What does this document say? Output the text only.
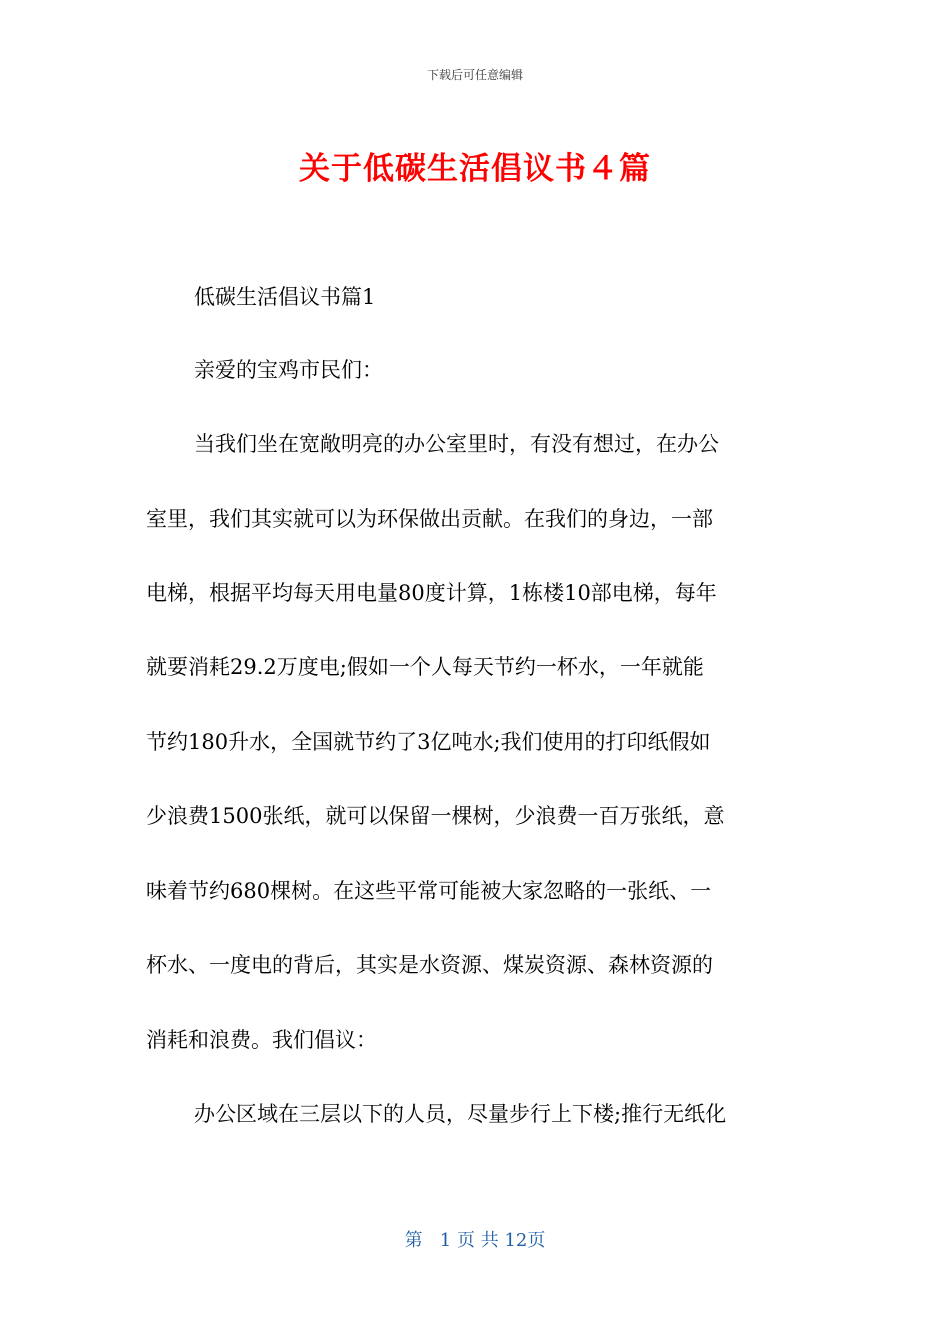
下载后可任意编辑
关于低碳生活倡议书４篇
低碳生活倡议书篇1
亲爱的宝鸡市民们：
当我们坐在宽敞明亮的办公室里时，有没有想过，在办公
室里，我们其实就可以为环保做出贡献。在我们的身边，一部
电梯，根据平均每天用电量80度计算，1栋楼10部电梯，每年
就要消耗29.2万度电;假如一个人每天节约一杯水，一年就能
节约180升水，全国就节约了3亿吨水;我们使用的打印纸假如
少浪费1500张纸，就可以保留一棵树，少浪费一百万张纸，意
味着节约680棵树。在这些平常可能被大家忽略的一张纸、一
杯水、一度电的背后，其实是水资源、煤炭资源、森林资源的
消耗和浪费。我们倡议：
办公区域在三层以下的人员，尽量步行上下楼;推行无纸化
第 1 页 共 12页
